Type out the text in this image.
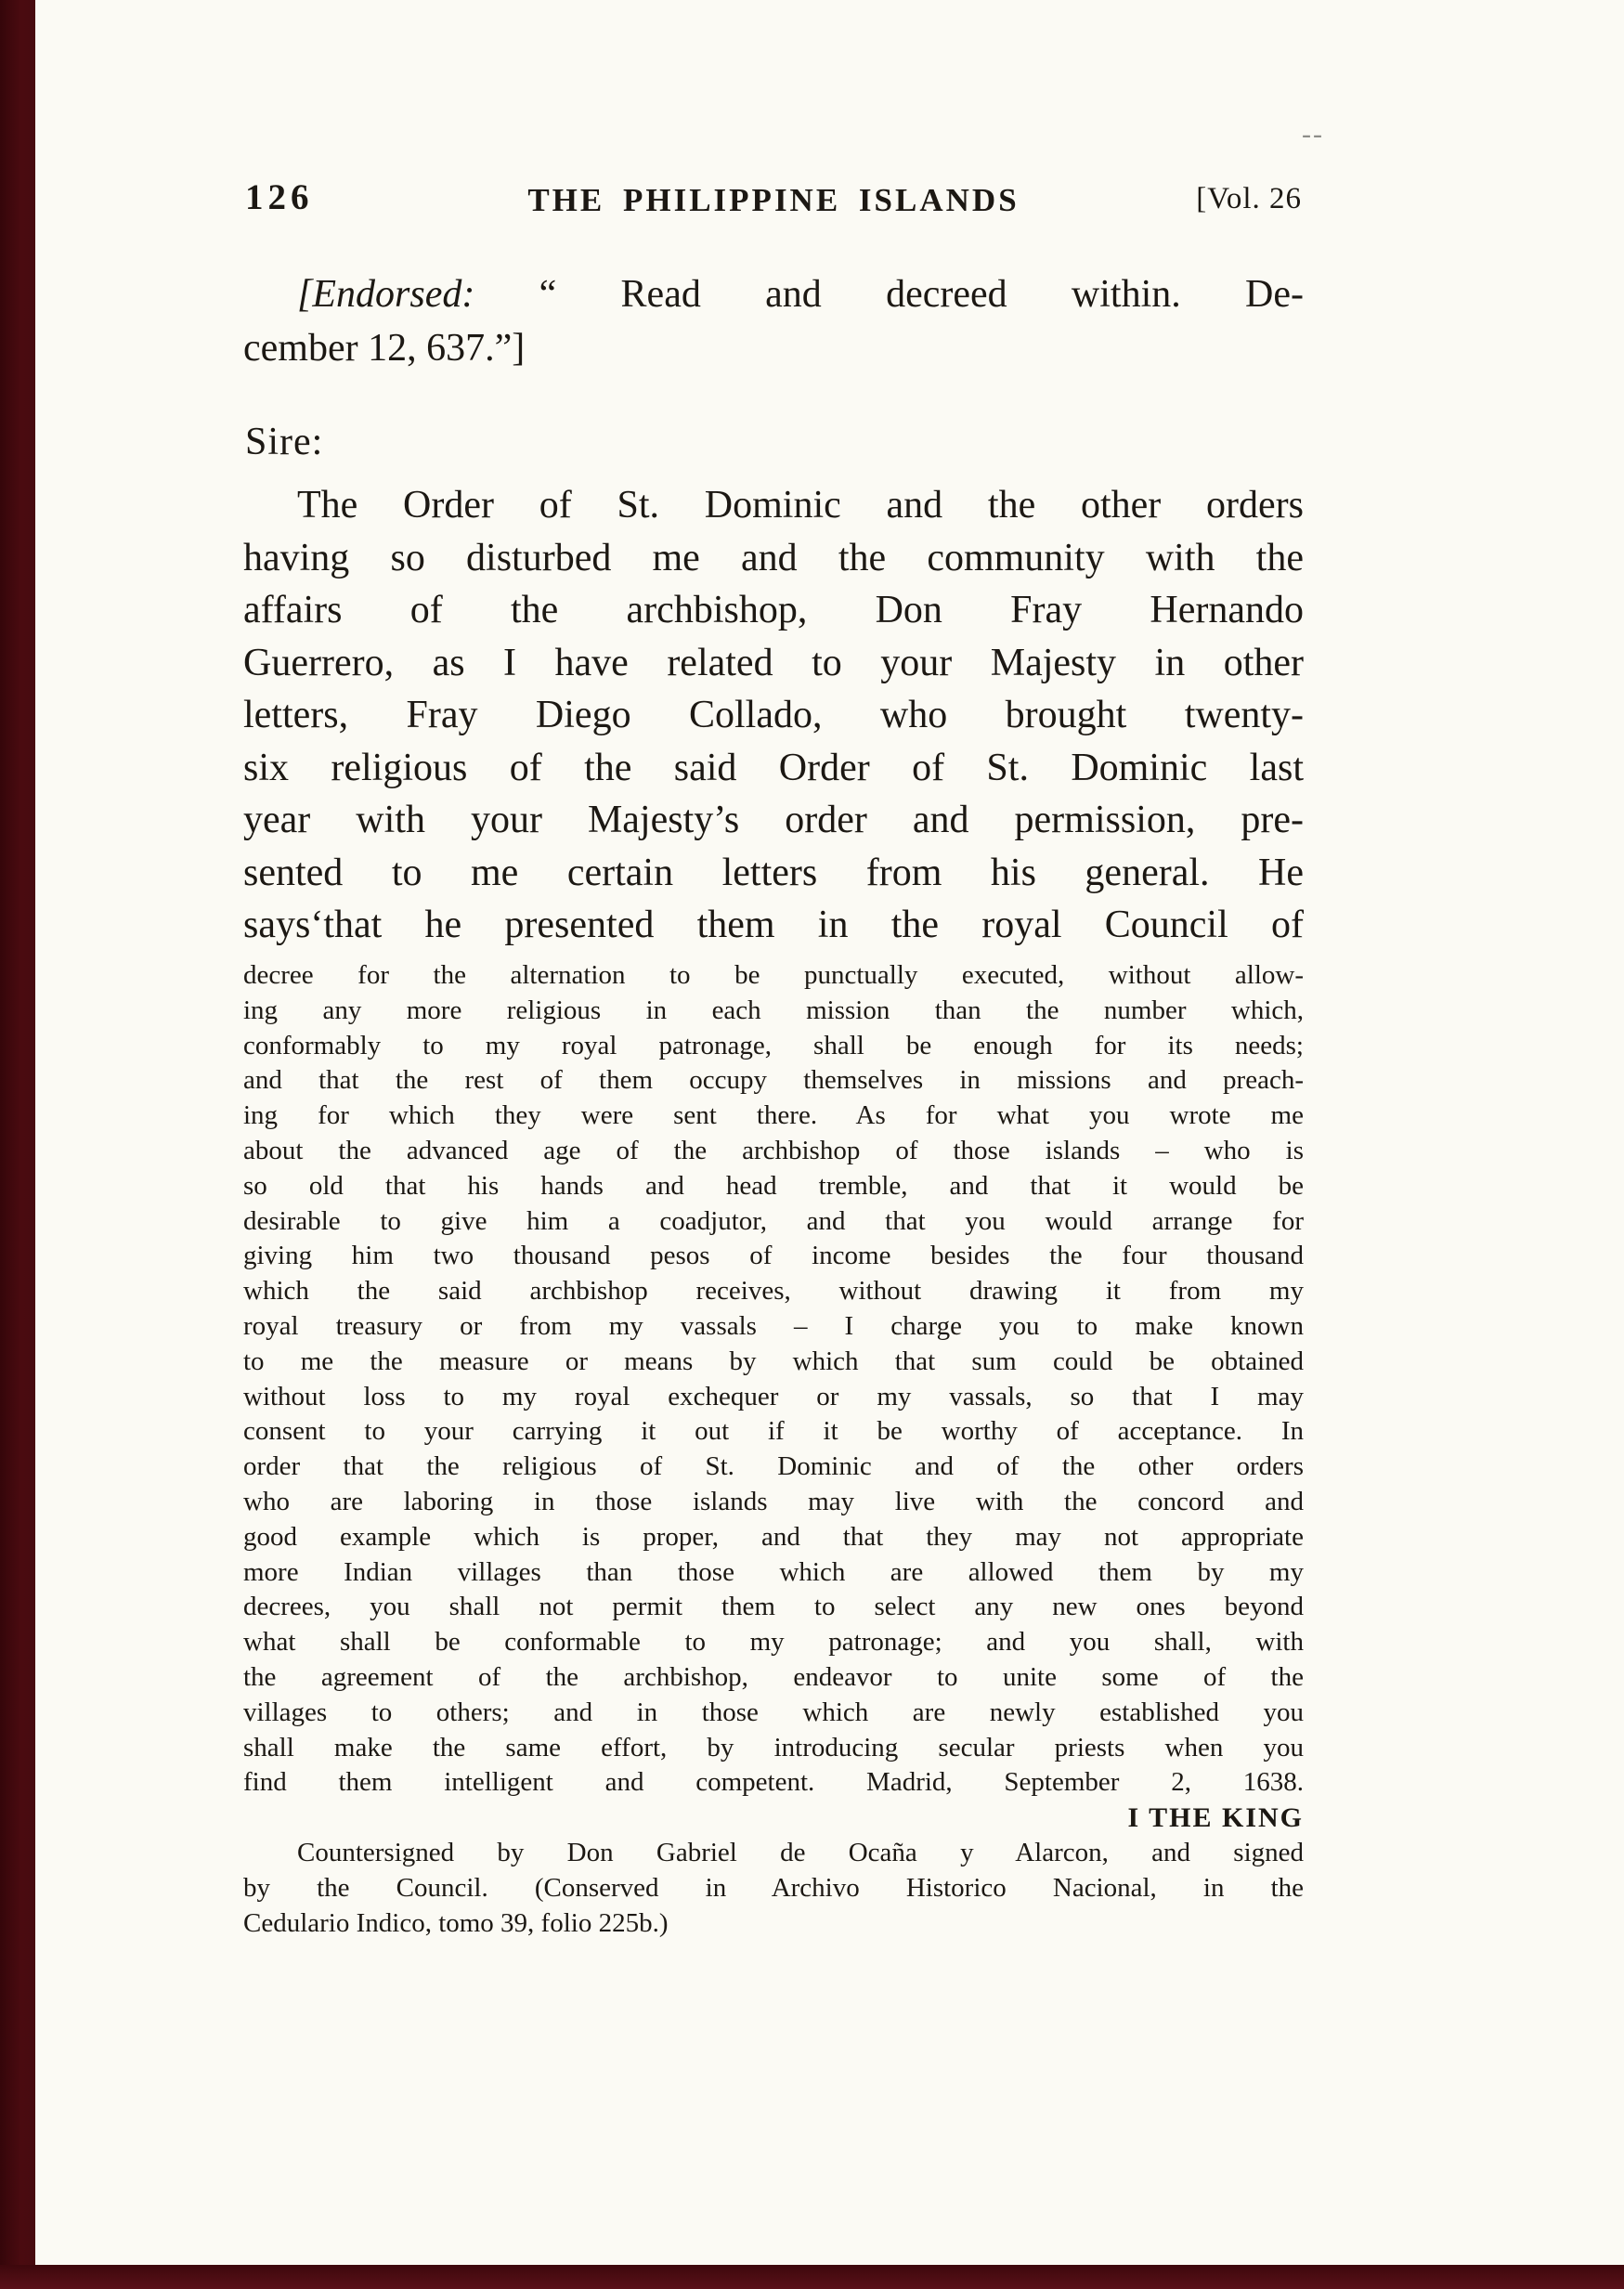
--
126	THE PHILIPPINE ISLANDS	[Vol. 26
[Endorsed: “ Read and decreed within. De-
cember 12, 637.”]
Sire:
The Order of St. Dominic and the other orders
having so disturbed me and the community with the
affairs of the archbishop, Don Fray Hernando
Guerrero, as I have related to your Majesty in other
letters, Fray Diego Collado, who brought twenty-
six religious of the said Order of St. Dominic last
year with your Majesty’s order and permission, pre-
sented to me certain letters from his general. He
says‘that he presented them in the royal Council of
decree for the alternation to be punctually executed, without allow-
ing any more religious in each mission than the number which,
conformably to my royal patronage, shall be enough for its needs;
and that the rest of them occupy themselves in missions and preach-
ing for which they were sent there. As for what you wrote me
about the advanced age of the archbishop of those islands – who is
so old that his hands and head tremble, and that it would be
desirable to give him a coadjutor, and that you would arrange for
giving him two thousand pesos of income besides the four thousand
which the said archbishop receives, without drawing it from my
royal treasury or from my vassals – I charge you to make known
to me the measure or means by which that sum could be obtained
without loss to my royal exchequer or my vassals, so that I may
consent to your carrying it out if it be worthy of acceptance. In
order that the religious of St. Dominic and of the other orders
who are laboring in those islands may live with the concord and
good example which is proper, and that they may not appropriate
more Indian villages than those which are allowed them by my
decrees, you shall not permit them to select any new ones beyond
what shall be conformable to my patronage; and you shall, with
the agreement of the archbishop, endeavor to unite some of the
villages to others; and in those which are newly established you
shall make the same effort, by introducing secular priests when you
find them intelligent and competent. Madrid, September 2, 1638.
I THE KING
Countersigned by Don Gabriel de Ocaña y Alarcon, and signed
by the Council. (Conserved in Archivo Historico Nacional, in the
Cedulario Indico, tomo 39, folio 225b.)
